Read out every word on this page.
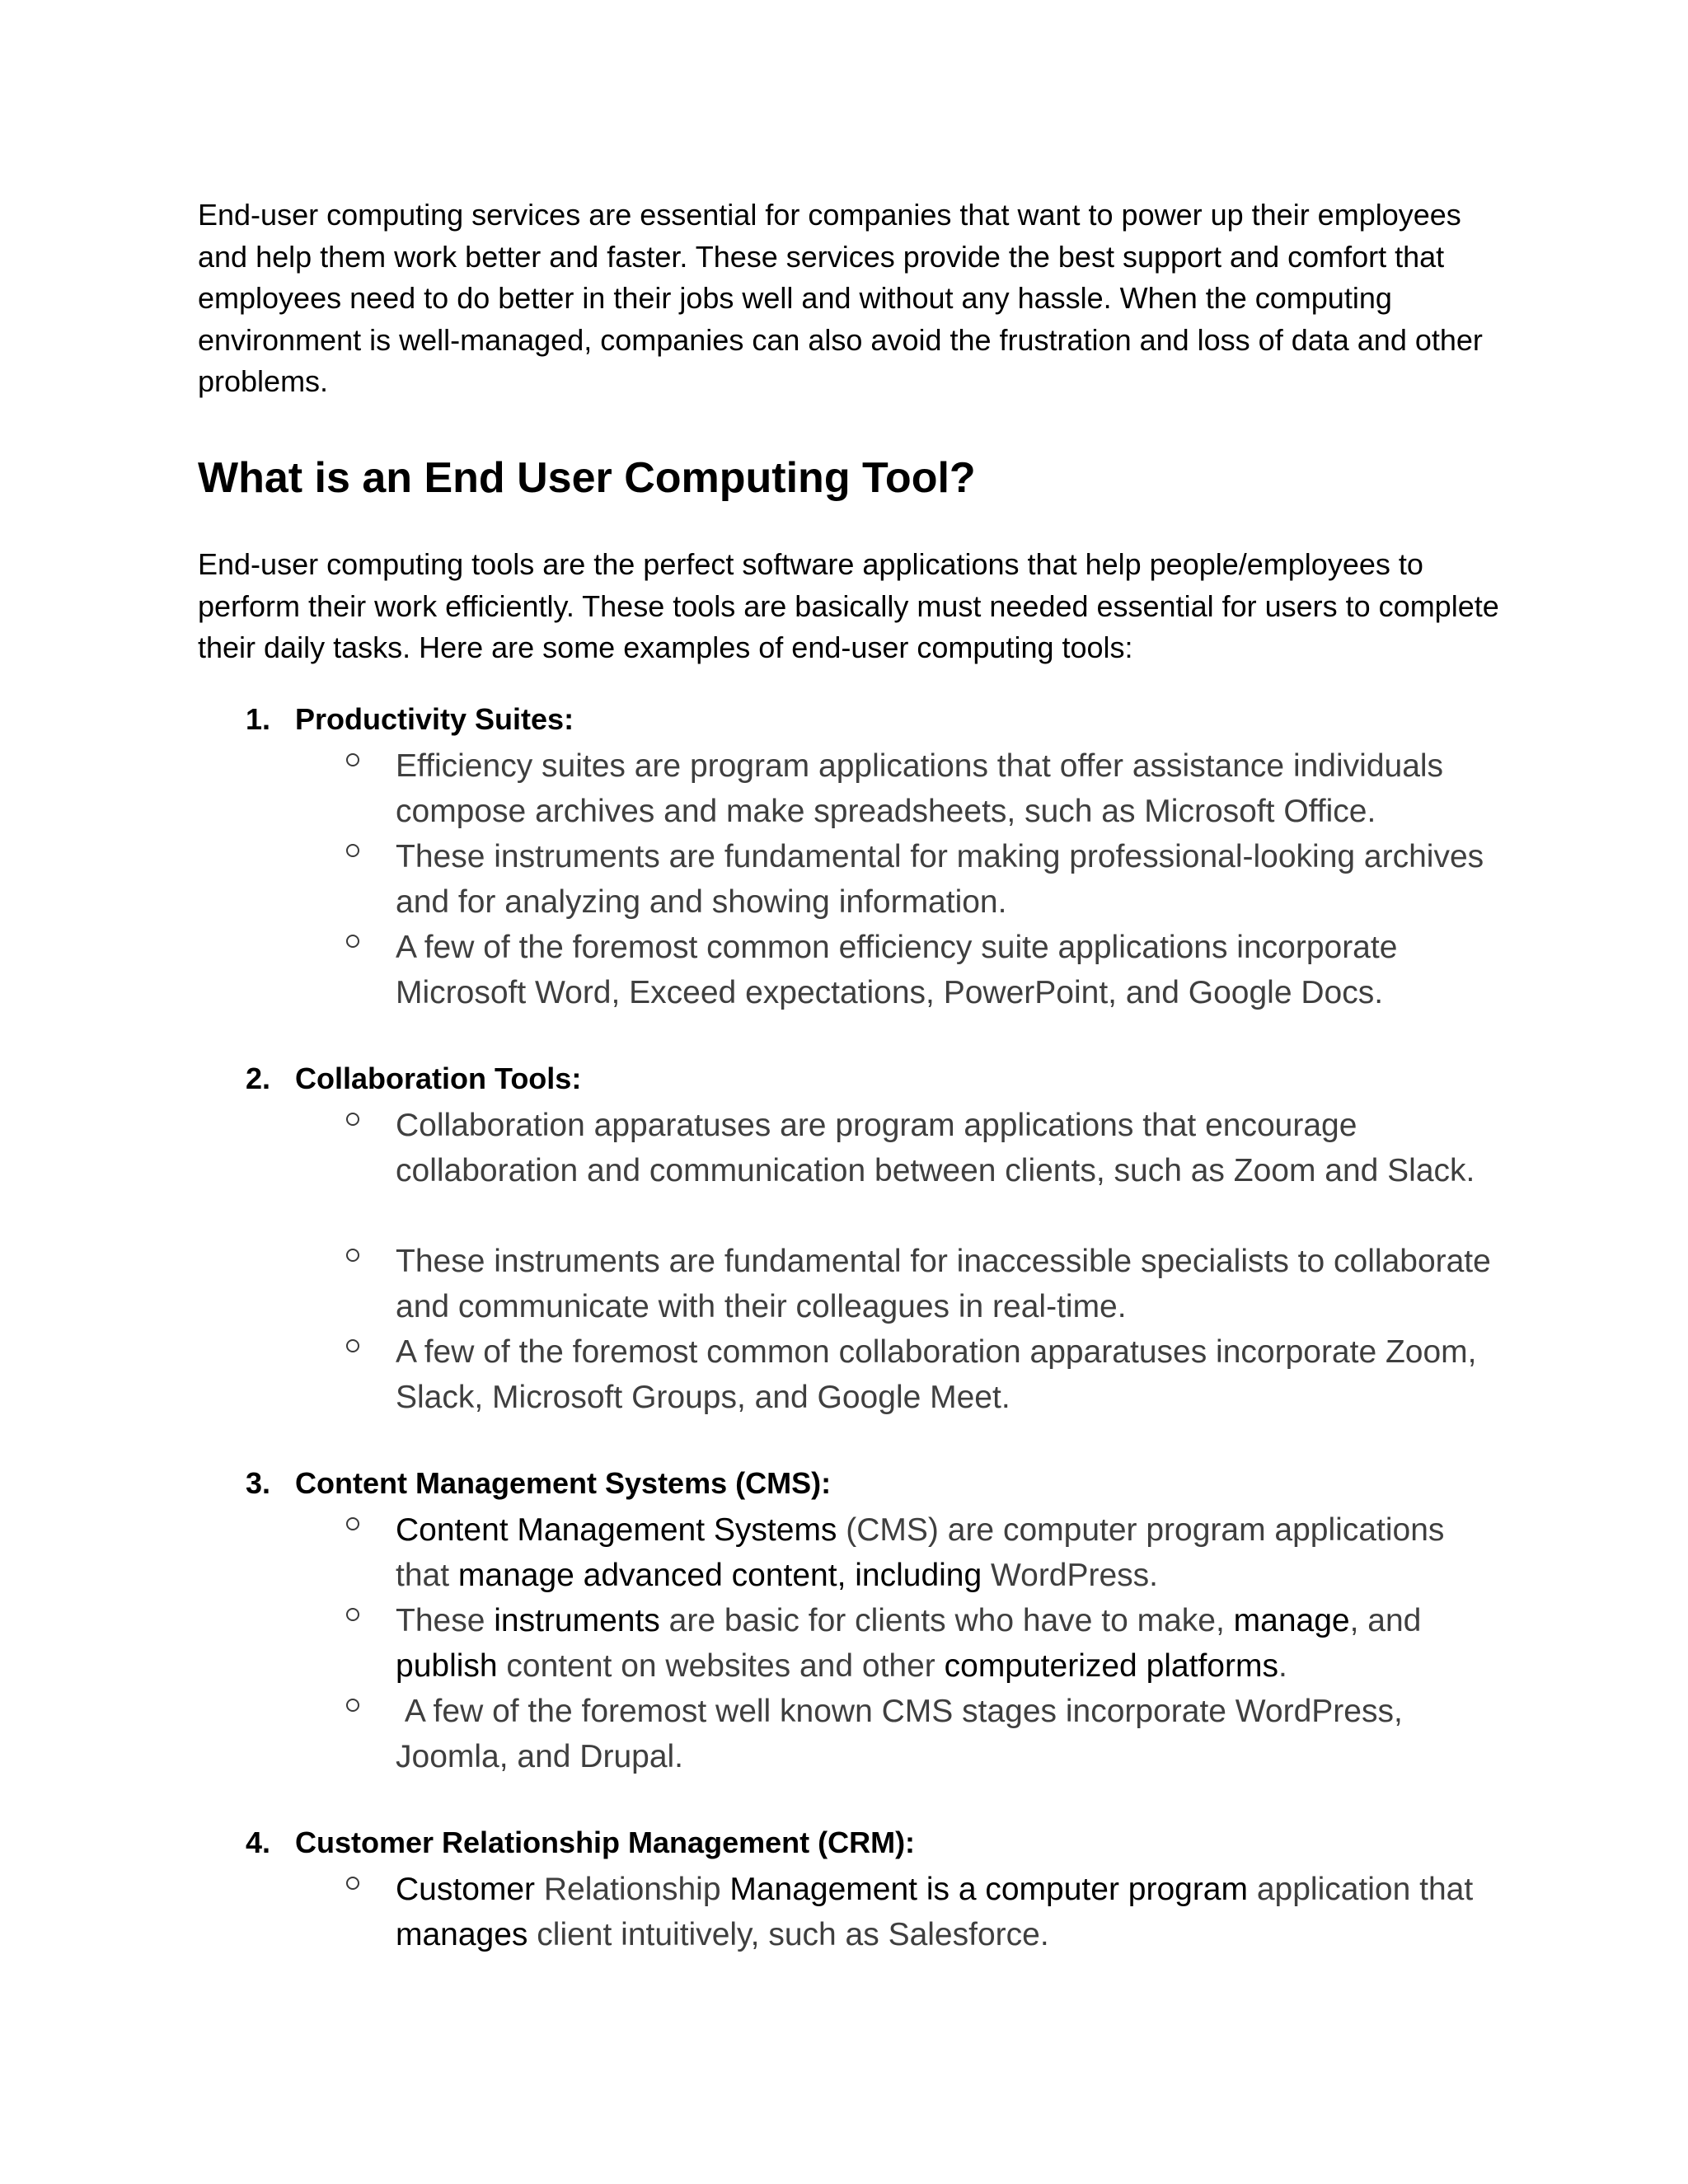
End-user computing services are essential for companies that want to power up their employees and help them work better and faster. These services provide the best support and comfort that employees need to do better in their jobs well and without any hassle. When the computing environment is well-managed, companies can also avoid the frustration and loss of data and other problems.

What is an End User Computing Tool?

End-user computing tools are the perfect software applications that help people/employees to perform their work efficiently. These tools are basically must needed essential for users to complete their daily tasks. Here are some examples of end-user computing tools:

1. Productivity Suites:

Efficiency suites are program applications that offer assistance individuals compose archives and make spreadsheets, such as Microsoft Office.

These instruments are fundamental for making professional-looking archives and for analyzing and showing information.

A few of the foremost common efficiency suite applications incorporate Microsoft Word, Exceed expectations, PowerPoint, and Google Docs.

2. Collaboration Tools:

Collaboration apparatuses are program applications that encourage collaboration and communication between clients, such as Zoom and Slack.

These instruments are fundamental for inaccessible specialists to collaborate and communicate with their colleagues in real-time.

A few of the foremost common collaboration apparatuses incorporate Zoom, Slack, Microsoft Groups, and Google Meet.

3. Content Management Systems (CMS):

Content Management Systems (CMS) are computer program applications that manage advanced content, including WordPress.

These instruments are basic for clients who have to make, manage, and publish content on websites and other computerized platforms.

A few of the foremost well known CMS stages incorporate WordPress, Joomla, and Drupal.

4. Customer Relationship Management (CRM):

Customer Relationship Management is a computer program application that manages client intuitively, such as Salesforce.
